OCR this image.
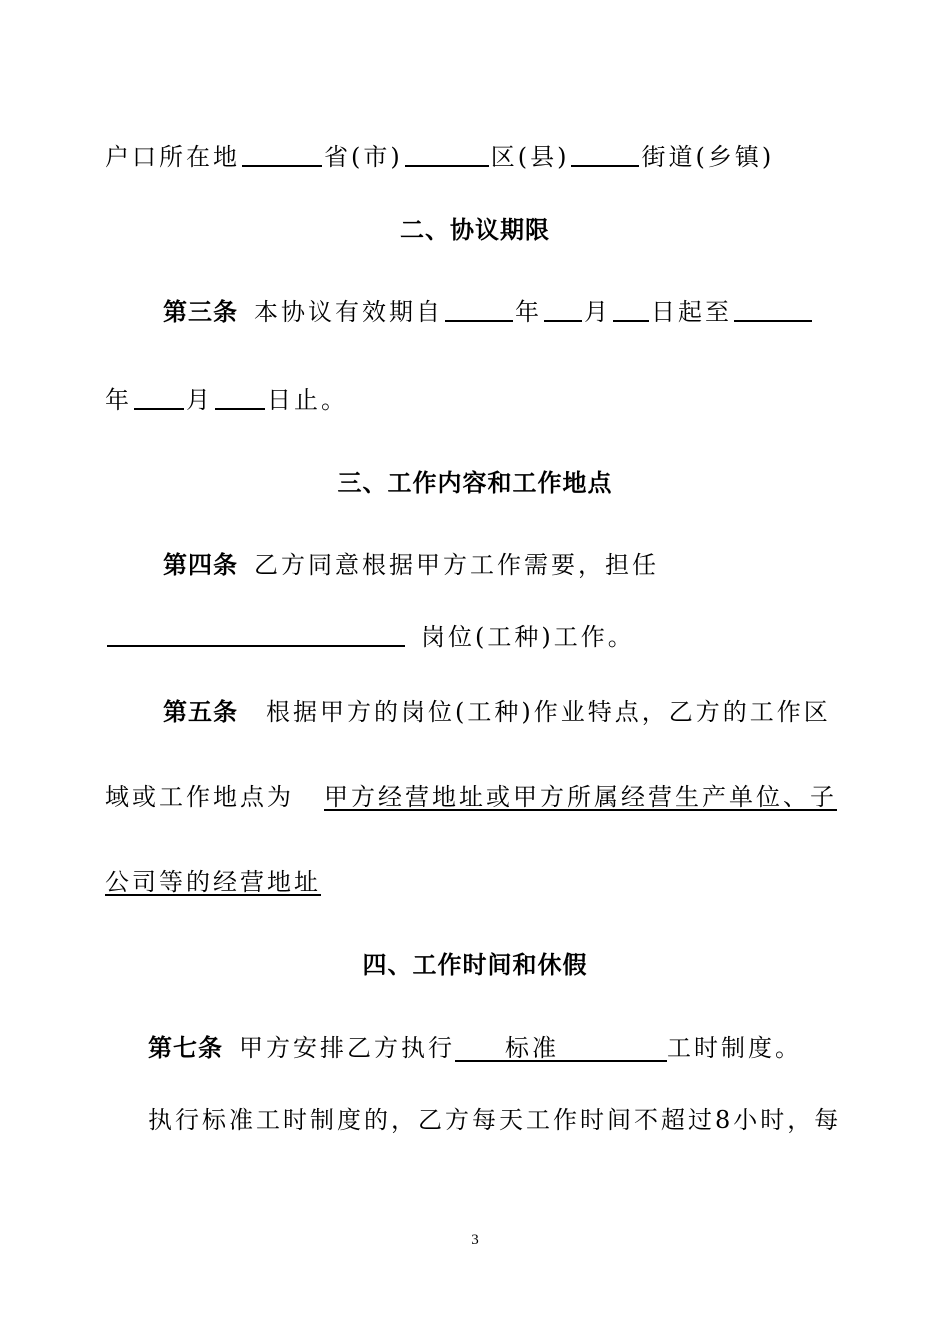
户口所在地	省(市)	区(县)	街道(乡镇)
二、协议期限
第三条 本协议有效期自	年 月 日起至
年 月 日止。
三、工作内容和工作地点
第四条 乙方同意根据甲方工作需要，担任
岗位(工种)工作。
第五条 根据甲方的岗位(工种)作业特点，乙方的工作区
域或工作地点为 甲方经营地址或甲方所属经营生产单位、子
公司等的经营地址
四、工作时间和休假
第七条 甲方安排乙方执行 标准	工时制度。
执行标准工时制度的，乙方每天工作时间不超过8小时，每
3
